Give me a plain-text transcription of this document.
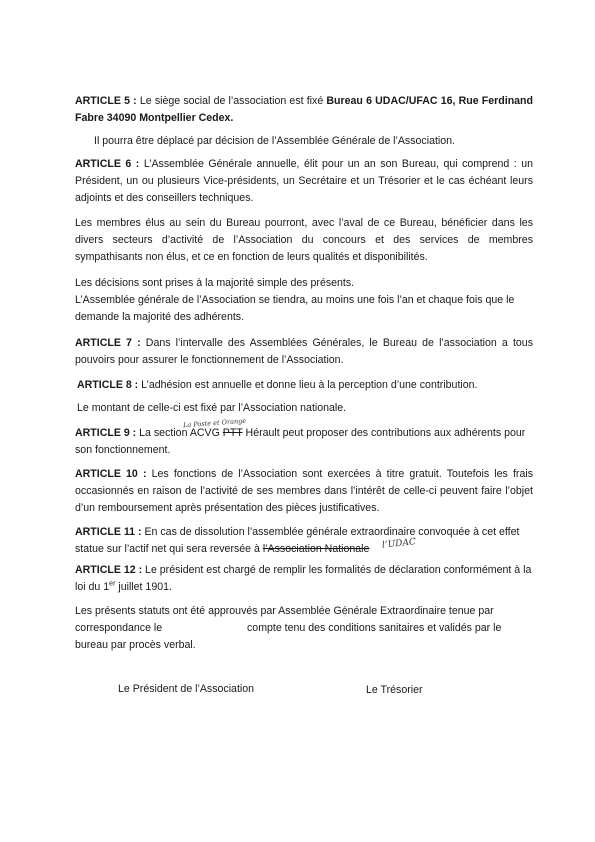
ARTICLE 5 : Le siège social de l’association est fixé Bureau 6 UDAC/UFAC 16, Rue Ferdinand Fabre 34090 Montpellier Cedex.

Il pourra être déplacé par décision de l’Assemblée Générale de l’Association.

ARTICLE 6 : L’Assemblée Générale annuelle, élit pour un an son Bureau, qui comprend : un Président, un ou plusieurs Vice-présidents, un Secrétaire et un Trésorier et le cas échéant leurs adjoints et des conseillers techniques.

Les membres élus au sein du Bureau pourront, avec l’aval de ce Bureau, bénéficier dans les divers secteurs d’activité de l’Association du concours et des services de membres sympathisants non élus, et ce en fonction de leurs qualités et disponibilités.

Les décisions sont prises à la majorité simple des présents.

L’Assemblée générale de l’Association se tiendra, au moins une fois l’an et chaque fois que le demande la majorité des adhérents.

ARTICLE 7 : Dans l’intervalle des Assemblées Générales, le Bureau de l’association a tous pouvoirs pour assurer le fonctionnement de l’Association.

ARTICLE 8 : L’adhésion est annuelle et donne lieu à la perception d’une contribution.

Le montant de celle-ci est fixé par l’Association nationale.

La Poste et Orange

ARTICLE 9 : La section ACVG PTT Hérault peut proposer des contributions aux adhérents pour son fonctionnement.

ARTICLE 10 : Les fonctions de l’Association sont exercées à titre gratuit. Toutefois les frais occasionnés en raison de l’activité de ses membres dans l’intérêt de celle-ci peuvent faire l’objet d’un remboursement après présentation des pièces justificatives.

ARTICLE 11 : En cas de dissolution l’assemblée générale extraordinaire convoquée à cet effet statue sur l’actif net qui sera reversée à l’Association Nationale	l’UDAC

ARTICLE 12 : Le président est chargé de remplir les formalités de déclaration conformément à la loi du 1er juillet 1901.

Les présents statuts ont été approuvés par Assemblée Générale Extraordinaire tenue par

correspondance le	compte tenu des conditions sanitaires et validés par le

bureau par procès verbal.

Le Président de l’Association	Le Trésorier
